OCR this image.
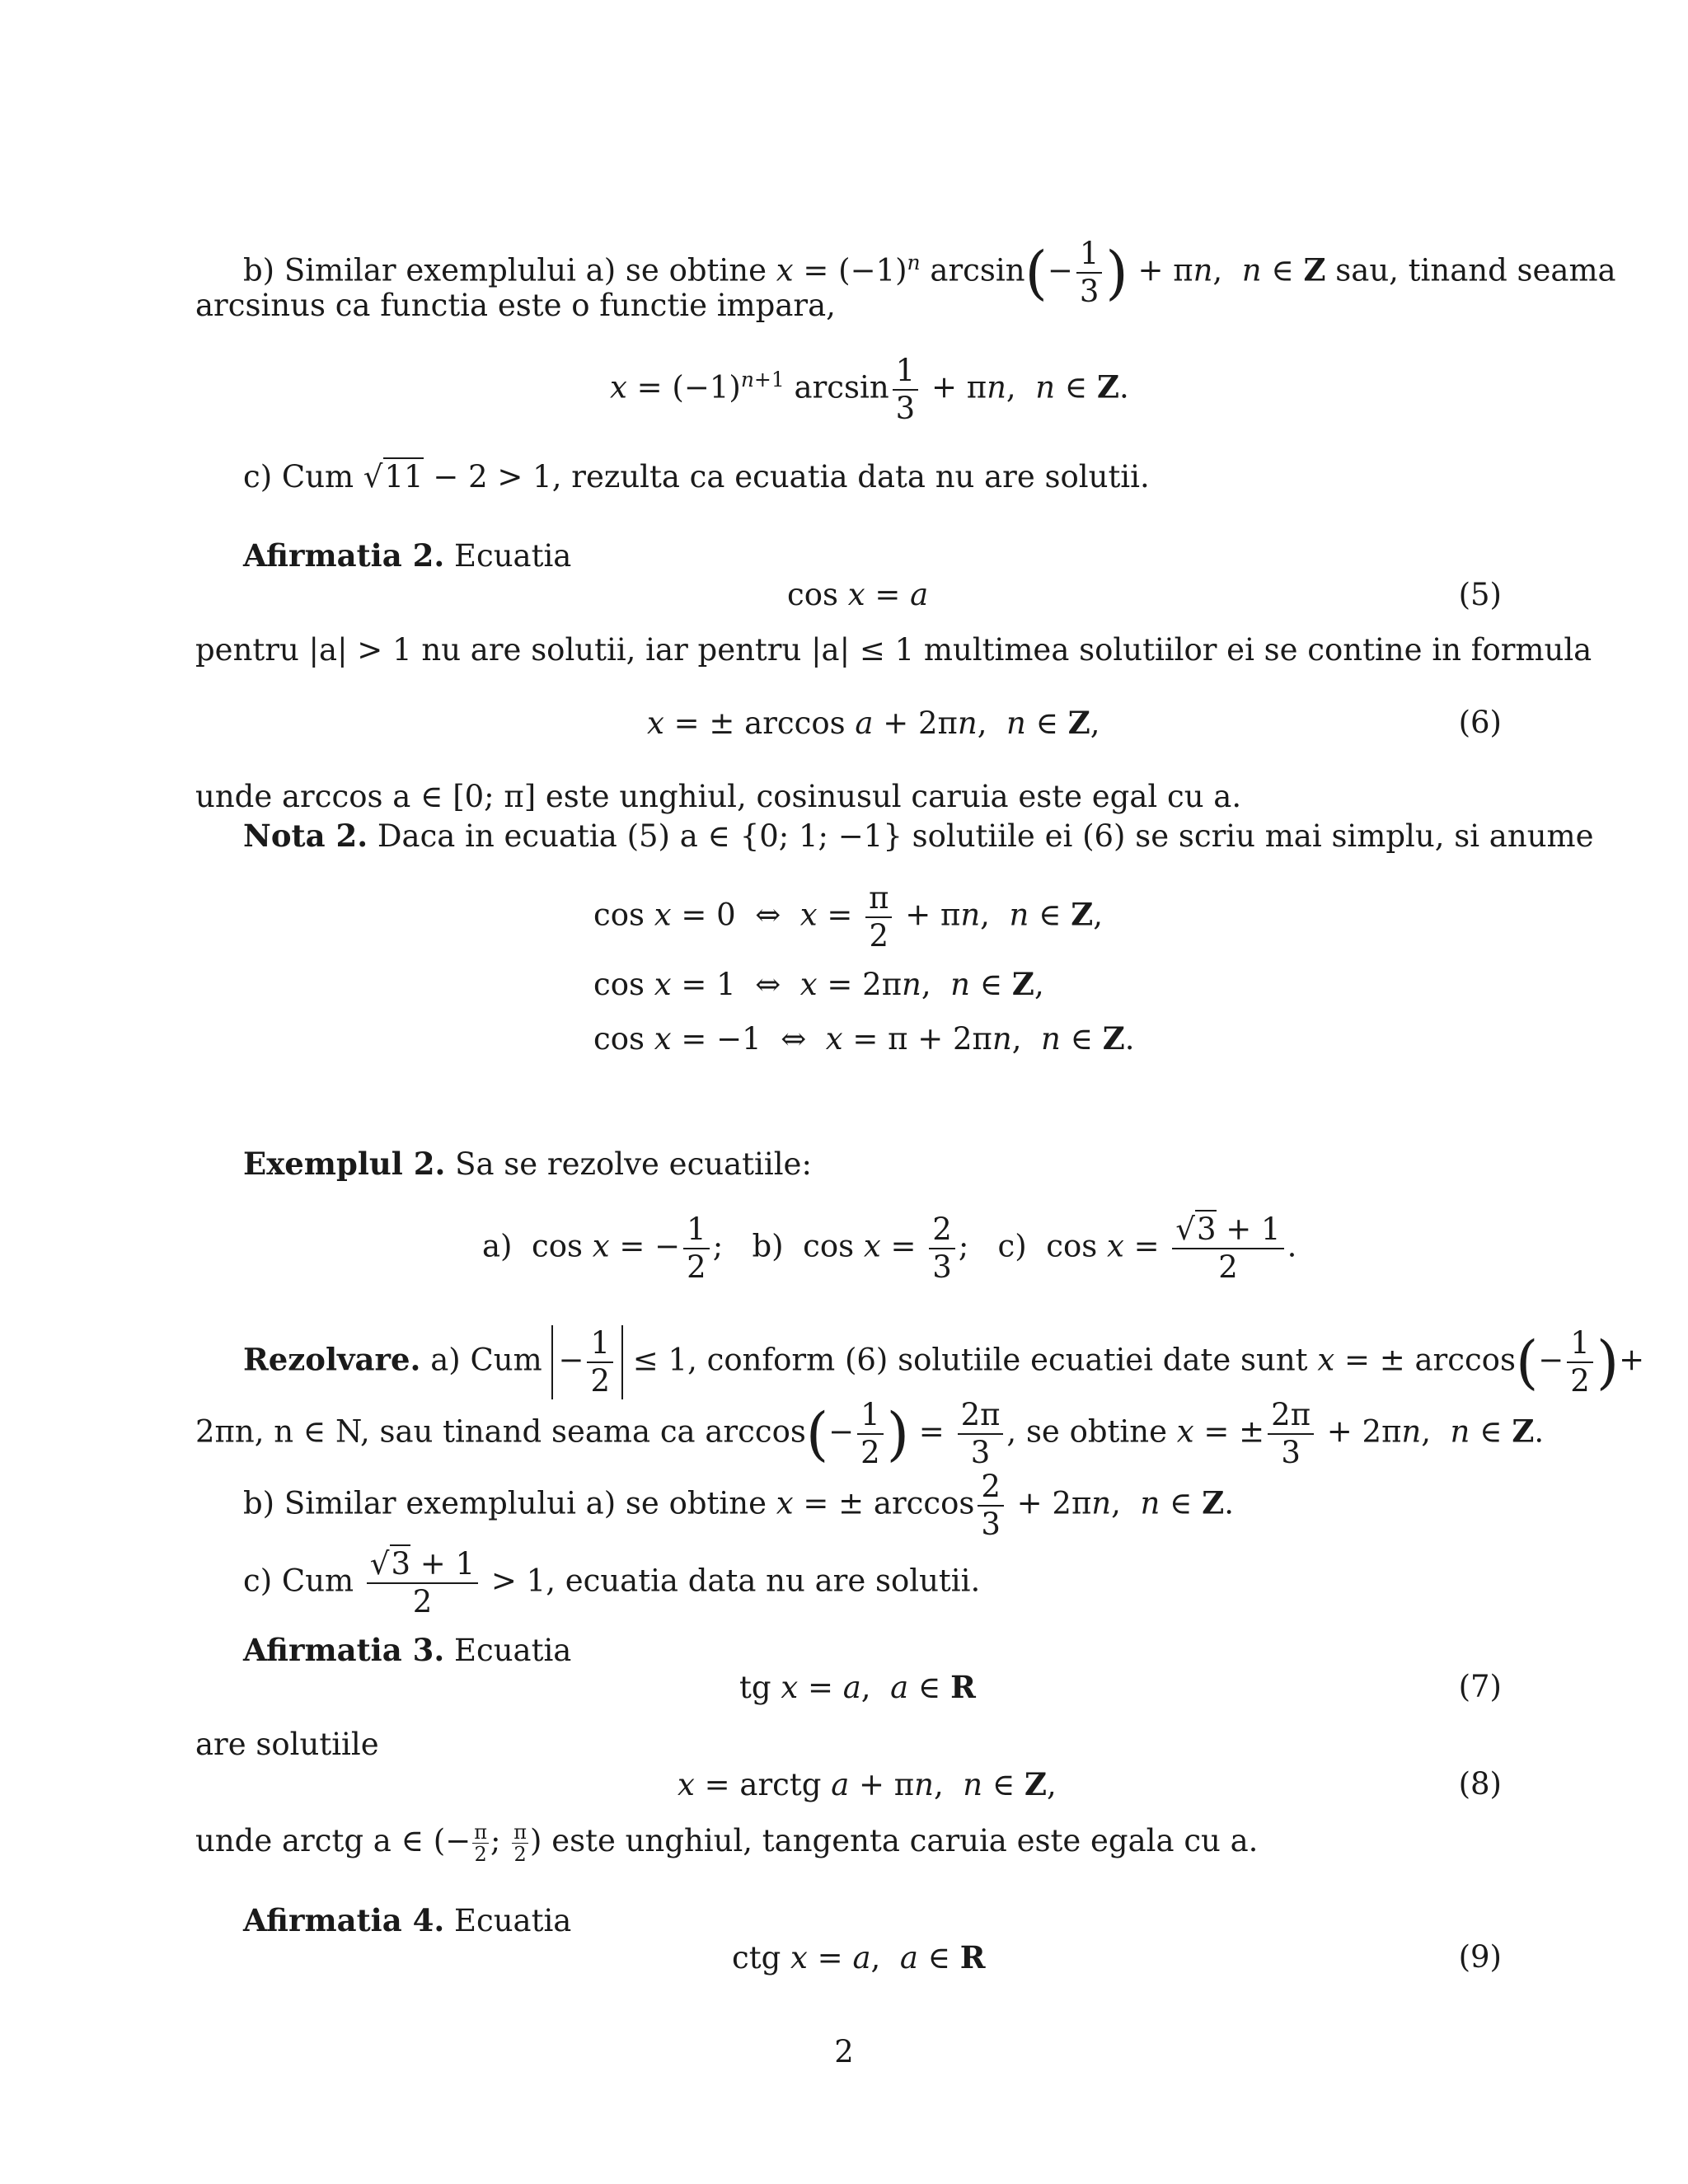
b) Similar exemplului a) se obtine $x = (-1)^n$ $\arcsin(- \frac{1}{3}$ ) + πn,  n ∈ Z sau, tinand seama
arcsinus ca functia este o functie impara,
$x = (-1)^{n+1}$ $\arcsin \frac{1}{3} + \pi n$,  n ∈ Z.
c) Cum √11 − 2 > 1, rezulta ca ecuatia data nu are solutii.
Afirmatia 2. Ecuatia
cos x = a	(5)
pentru |a| > 1 nu are solutii, iar pentru |a| ≤ 1 multimea solutiilor ei se contine in formula
x = ± arccos a + 2πn,  n ∈ Z,	(6)
unde arccos a ∈ [0; π] este unghiul, cosinusul caruia este egal cu a.
Nota 2. Daca in ecuatia (5) a ∈ {0; 1; −1} solutiile ei (6) se scriu mai simplu, si anume
cos x = 0  ⇔  $x = \frac{\pi}{2} + \pi n$,  n ∈ Z,
cos x = 1  ⇔  x = 2πn,  n ∈ Z,
cos x = −1  ⇔  x = π + 2πn,  n ∈ Z.
Exemplul 2. Sa se rezolve ecuatiile:
a)  cos x = − $\frac{1}{2}$ ;   b)  $\cos x = \frac{2}{3}$ ;   c)  $\cos x = \frac{√3 + 1}{2}$ .
Rezolvare. a) Cum − $\frac{1}{2} \le 1$, conform (6) solutiile ecuatiei date sunt x = ± $\arccos(- \frac{1}{2}$ )+
2πn, n ∈ N, sau tinand seama ca $\arccos(- \frac{1}{2}$ ) = $\frac{2\pi}{3}$ , se obtine x = ± $\frac{2\pi}{3} + 2\pi n$,  n ∈ Z.
b) Similar exemplului a) se obtine x = ± $\arccos \frac{2}{3} + 2\pi n$,  n ∈ Z.
c) Cum $\frac{√3 + 1}{2} > 1$, ecuatia data nu are solutii.
Afirmatia 3. Ecuatia
tg x = a,  a ∈ R	(7)
are solutiile
x = arctg a + πn,  n ∈ Z,	(8)
unde arctg a ∈ (− $\frac{\pi}{2}$ ; $\frac{\pi}{2}$ ) este unghiul, tangenta caruia este egala cu a.
Afirmatia 4. Ecuatia
ctg x = a,  a ∈ R	(9)
2
